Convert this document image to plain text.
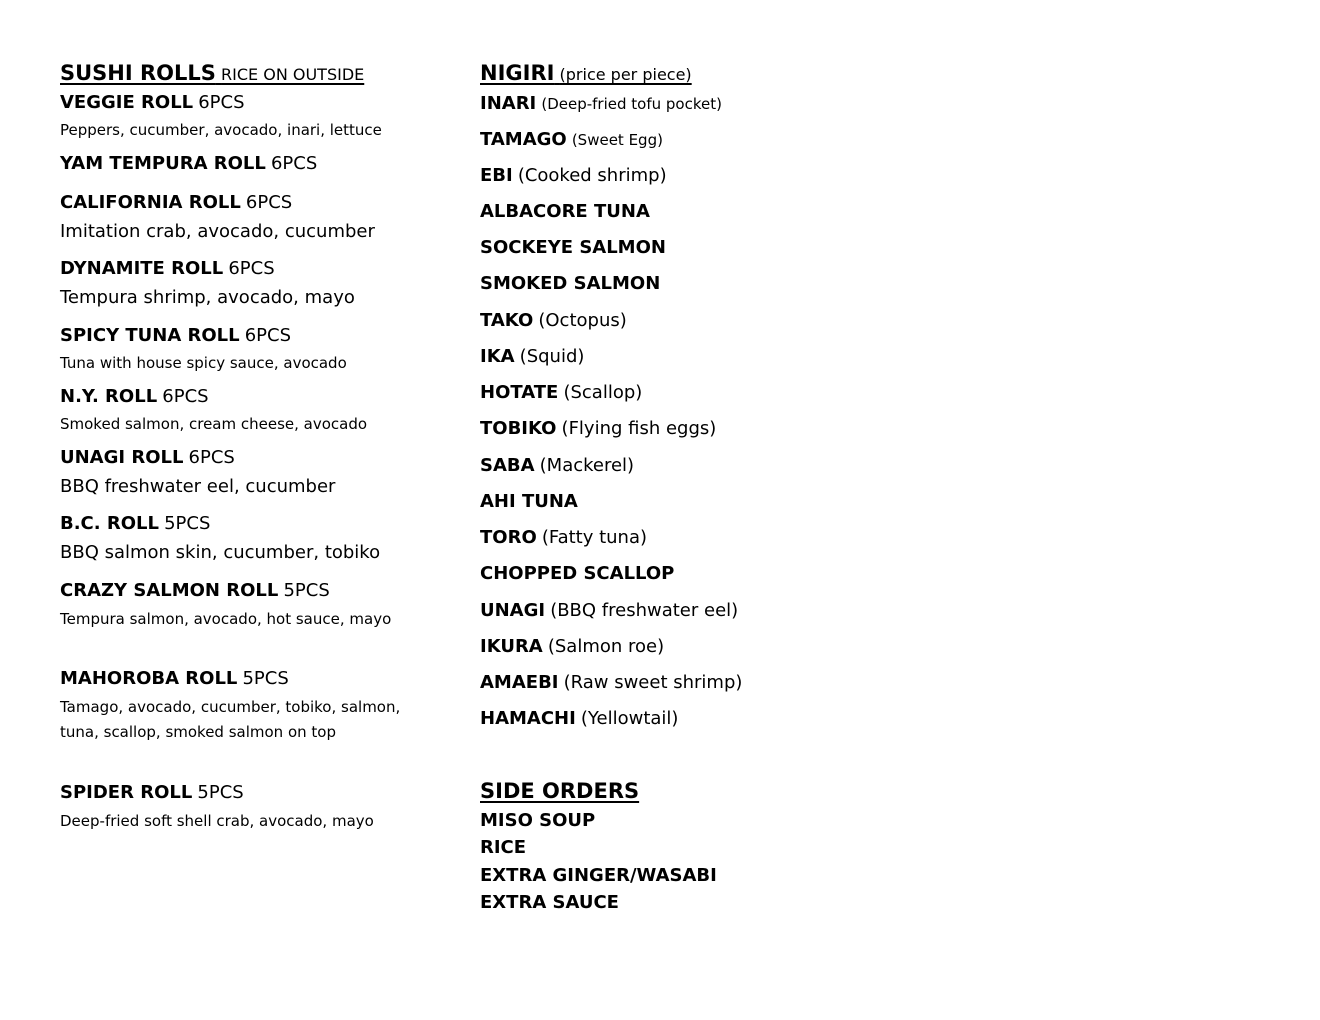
SUSHI ROLLS RICE ON OUTSIDE
VEGGIE ROLL 6PCS
Peppers, cucumber, avocado, inari, lettuce
YAM TEMPURA ROLL 6PCS
CALIFORNIA ROLL 6PCS
Imitation crab, avocado, cucumber
DYNAMITE ROLL 6PCS
Tempura shrimp, avocado, mayo
SPICY TUNA ROLL 6PCS
Tuna with house spicy sauce, avocado
N.Y. ROLL 6PCS
Smoked salmon, cream cheese, avocado
UNAGI ROLL 6PCS
BBQ freshwater eel, cucumber
B.C. ROLL 5PCS
BBQ salmon skin, cucumber, tobiko
CRAZY SALMON ROLL 5PCS
Tempura salmon, avocado, hot sauce, mayo
MAHOROBA ROLL 5PCS
Tamago, avocado, cucumber, tobiko, salmon, tuna, scallop, smoked salmon on top
SPIDER ROLL 5PCS
Deep-fried soft shell crab, avocado, mayo
NIGIRI (price per piece)
INARI (Deep-fried tofu pocket)
TAMAGO (Sweet Egg)
EBI (Cooked shrimp)
ALBACORE TUNA
SOCKEYE SALMON
SMOKED SALMON
TAKO (Octopus)
IKA (Squid)
HOTATE (Scallop)
TOBIKO (Flying fish eggs)
SABA (Mackerel)
AHI TUNA
TORO (Fatty tuna)
CHOPPED SCALLOP
UNAGI (BBQ freshwater eel)
IKURA (Salmon roe)
AMAEBI (Raw sweet shrimp)
HAMACHI (Yellowtail)
SIDE ORDERS
MISO SOUP
RICE
EXTRA GINGER/WASABI
EXTRA SAUCE
